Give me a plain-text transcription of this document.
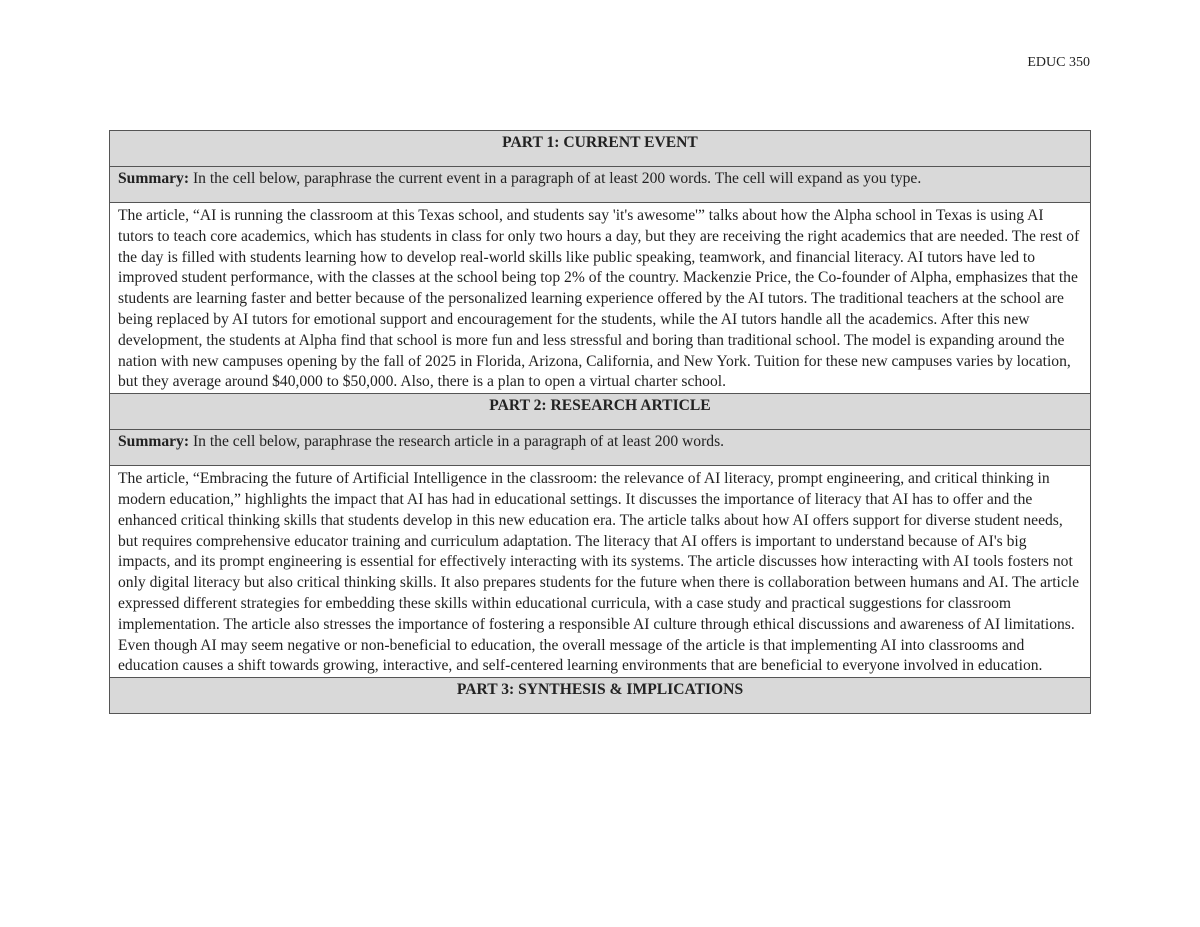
EDUC 350
PART 1: CURRENT EVENT
Summary: In the cell below, paraphrase the current event in a paragraph of at least 200 words. The cell will expand as you type.
The article, “AI is running the classroom at this Texas school, and students say 'it's awesome'” talks about how the Alpha school in Texas is using AI tutors to teach core academics, which has students in class for only two hours a day, but they are receiving the right academics that are needed. The rest of the day is filled with students learning how to develop real-world skills like public speaking, teamwork, and financial literacy. AI tutors have led to improved student performance, with the classes at the school being top 2% of the country. Mackenzie Price, the Co-founder of Alpha, emphasizes that the students are learning faster and better because of the personalized learning experience offered by the AI tutors. The traditional teachers at the school are being replaced by AI tutors for emotional support and encouragement for the students, while the AI tutors handle all the academics. After this new development, the students at Alpha find that school is more fun and less stressful and boring than traditional school. The model is expanding around the nation with new campuses opening by the fall of 2025 in Florida, Arizona, California, and New York. Tuition for these new campuses varies by location, but they average around $40,000 to $50,000. Also, there is a plan to open a virtual charter school.
PART 2: RESEARCH ARTICLE
Summary: In the cell below, paraphrase the research article in a paragraph of at least 200 words.
The article, “Embracing the future of Artificial Intelligence in the classroom: the relevance of AI literacy, prompt engineering, and critical thinking in modern education,” highlights the impact that AI has had in educational settings. It discusses the importance of literacy that AI has to offer and the enhanced critical thinking skills that students develop in this new education era. The article talks about how AI offers support for diverse student needs, but requires comprehensive educator training and curriculum adaptation. The literacy that AI offers is important to understand because of AI's big impacts, and its prompt engineering is essential for effectively interacting with its systems. The article discusses how interacting with AI tools fosters not only digital literacy but also critical thinking skills. It also prepares students for the future when there is collaboration between humans and AI. The article expressed different strategies for embedding these skills within educational curricula, with a case study and practical suggestions for classroom implementation. The article also stresses the importance of fostering a responsible AI culture through ethical discussions and awareness of AI limitations. Even though AI may seem negative or non-beneficial to education, the overall message of the article is that implementing AI into classrooms and education causes a shift towards growing, interactive, and self-centered learning environments that are beneficial to everyone involved in education.
PART 3: SYNTHESIS & IMPLICATIONS
